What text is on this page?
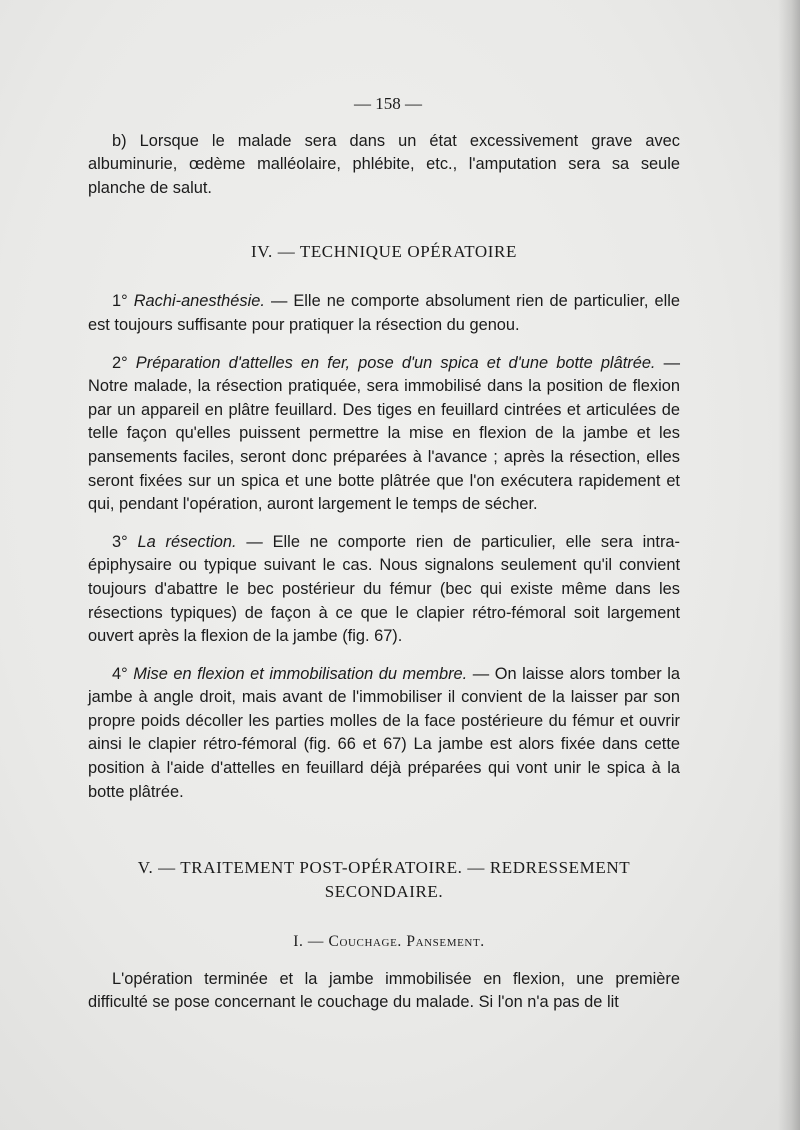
— 158 —

b) Lorsque le malade sera dans un état excessivement grave avec albuminurie, œdème malléolaire, phlébite, etc., l'amputation sera sa seule planche de salut.

IV. — TECHNIQUE OPÉRATOIRE

1° Rachi-anesthésie. — Elle ne comporte absolument rien de particulier, elle est toujours suffisante pour pratiquer la résection du genou.

2° Préparation d'attelles en fer, pose d'un spica et d'une botte plâtrée. — Notre malade, la résection pratiquée, sera immobilisé dans la position de flexion par un appareil en plâtre feuillard. Des tiges en feuillard cintrées et articulées de telle façon qu'elles puissent permettre la mise en flexion de la jambe et les pansements faciles, seront donc préparées à l'avance ; après la résection, elles seront fixées sur un spica et une botte plâtrée que l'on exécutera rapidement et qui, pendant l'opération, auront largement le temps de sécher.

3° La résection. — Elle ne comporte rien de particulier, elle sera intra-épiphysaire ou typique suivant le cas. Nous signalons seulement qu'il convient toujours d'abattre le bec postérieur du fémur (bec qui existe même dans les résections typiques) de façon à ce que le clapier rétro-fémoral soit largement ouvert après la flexion de la jambe (fig. 67).

4° Mise en flexion et immobilisation du membre. — On laisse alors tomber la jambe à angle droit, mais avant de l'immobiliser il convient de la laisser par son propre poids décoller les parties molles de la face postérieure du fémur et ouvrir ainsi le clapier rétro-fémoral (fig. 66 et 67) La jambe est alors fixée dans cette position à l'aide d'attelles en feuillard déjà préparées qui vont unir le spica à la botte plâtrée.

V. — TRAITEMENT POST-OPÉRATOIRE. — REDRESSEMENT
SECONDAIRE.
I. — Couchage. Pansement.

L'opération terminée et la jambe immobilisée en flexion, une première difficulté se pose concernant le couchage du malade. Si l'on n'a pas de lit
